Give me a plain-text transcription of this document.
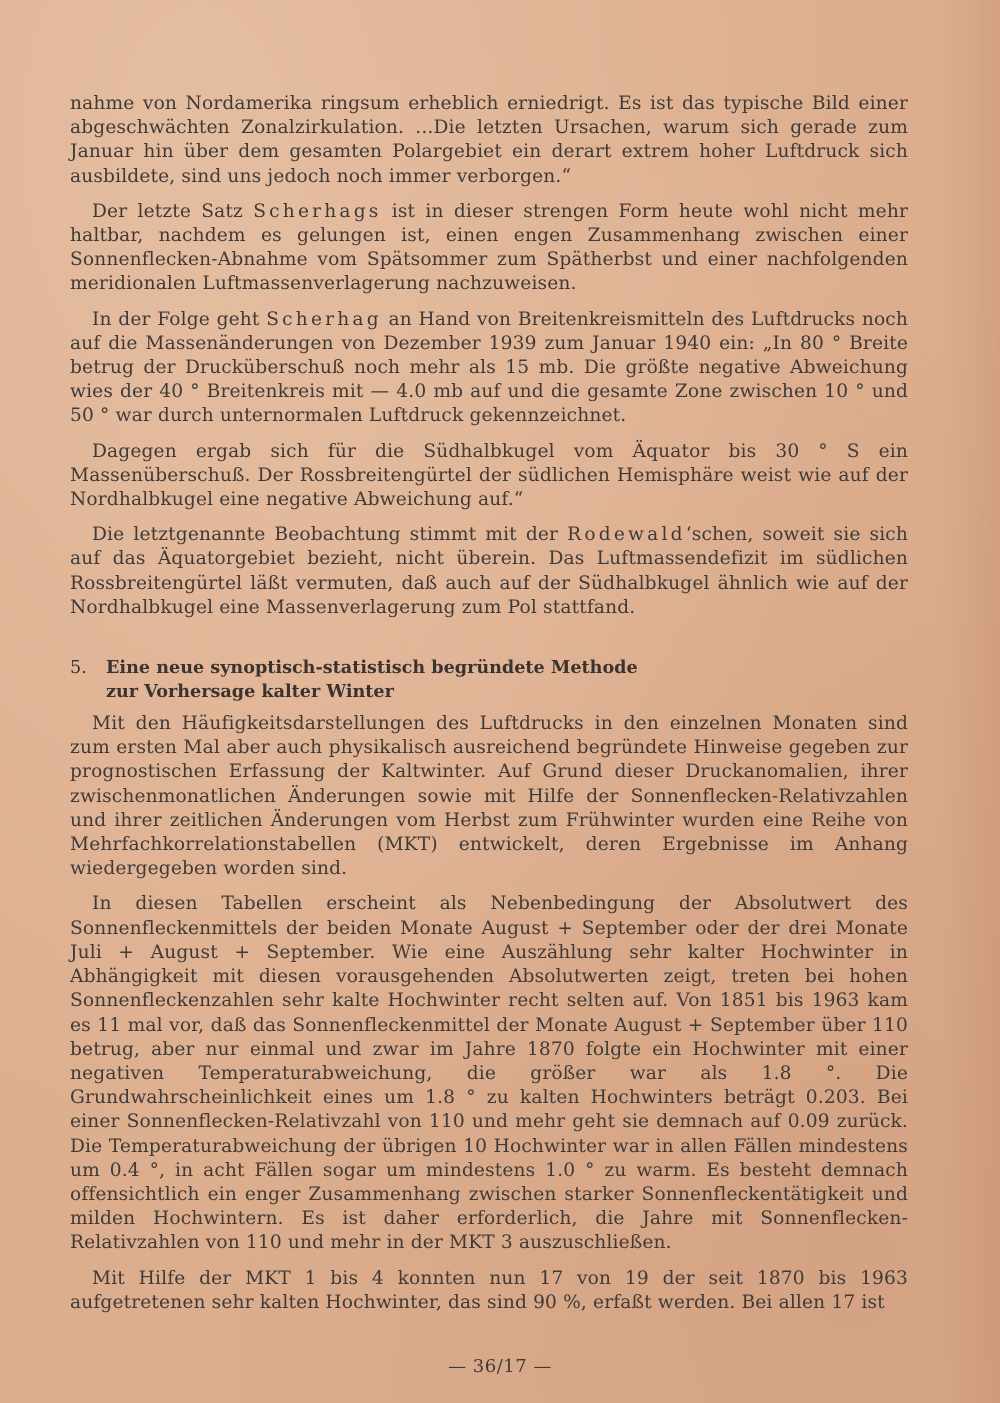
nahme von Nordamerika ringsum erheblich erniedrigt. Es ist das typische Bild einer abgeschwächten Zonalzirkulation. ...Die letzten Ursachen, warum sich gerade zum Januar hin über dem gesamten Polargebiet ein derart extrem hoher Luftdruck sich ausbildete, sind uns jedoch noch immer verborgen.“

Der letzte Satz Scherhags ist in dieser strengen Form heute wohl nicht mehr haltbar, nachdem es gelungen ist, einen engen Zusammenhang zwischen einer Sonnenflecken-Abnahme vom Spätsommer zum Spätherbst und einer nachfolgenden meridionalen Luftmassenverlagerung nachzuweisen.

In der Folge geht Scherhag an Hand von Breitenkreismitteln des Luftdrucks noch auf die Massenänderungen von Dezember 1939 zum Januar 1940 ein: „In 80 ° Breite betrug der Drucküberschuß noch mehr als 15 mb. Die größte negative Abweichung wies der 40 ° Breitenkreis mit — 4.0 mb auf und die gesamte Zone zwischen 10 ° und 50 ° war durch unternormalen Luftdruck gekennzeichnet.

Dagegen ergab sich für die Südhalbkugel vom Äquator bis 30 ° S ein Massenüberschuß. Der Rossbreitengürtel der südlichen Hemisphäre weist wie auf der Nordhalbkugel eine negative Abweichung auf.“

Die letztgenannte Beobachtung stimmt mit der Rodewald‘schen, soweit sie sich auf das Äquatorgebiet bezieht, nicht überein. Das Luftmassendefizit im südlichen Rossbreitengürtel läßt vermuten, daß auch auf der Südhalbkugel ähnlich wie auf der Nordhalbkugel eine Massenverlagerung zum Pol stattfand.

5.	Eine neue synoptisch-statistisch begründete Methode
zur Vorhersage kalter Winter

Mit den Häufigkeitsdarstellungen des Luftdrucks in den einzelnen Monaten sind zum ersten Mal aber auch physikalisch ausreichend begründete Hinweise gegeben zur prognostischen Erfassung der Kaltwinter. Auf Grund dieser Druckanomalien, ihrer zwischenmonatlichen Änderungen sowie mit Hilfe der Sonnenflecken-Relativzahlen und ihrer zeitlichen Änderungen vom Herbst zum Frühwinter wurden eine Reihe von Mehrfachkorrelationstabellen (MKT) entwickelt, deren Ergebnisse im Anhang wiedergegeben worden sind.

In diesen Tabellen erscheint als Nebenbedingung der Absolutwert des Sonnenfleckenmittels der beiden Monate August + September oder der drei Monate Juli + August + September. Wie eine Auszählung sehr kalter Hochwinter in Abhängigkeit mit diesen vorausgehenden Absolutwerten zeigt, treten bei hohen Sonnenfleckenzahlen sehr kalte Hochwinter recht selten auf. Von 1851 bis 1963 kam es 11 mal vor, daß das Sonnenfleckenmittel der Monate August + September über 110 betrug, aber nur einmal und zwar im Jahre 1870 folgte ein Hochwinter mit einer negativen Temperaturabweichung, die größer war als 1.8 °. Die Grundwahrscheinlichkeit eines um 1.8 ° zu kalten Hochwinters beträgt 0.203. Bei einer Sonnenflecken-Relativzahl von 110 und mehr geht sie demnach auf 0.09 zurück. Die Temperaturabweichung der übrigen 10 Hochwinter war in allen Fällen mindestens um 0.4 °, in acht Fällen sogar um mindestens 1.0 ° zu warm. Es besteht demnach offensichtlich ein enger Zusammenhang zwischen starker Sonnenfleckentätigkeit und milden Hochwintern. Es ist daher erforderlich, die Jahre mit Sonnenflecken-Relativzahlen von 110 und mehr in der MKT 3 auszuschließen.

Mit Hilfe der MKT 1 bis 4 konnten nun 17 von 19 der seit 1870 bis 1963 aufgetretenen sehr kalten Hochwinter, das sind 90 %, erfaßt werden. Bei allen 17 ist

— 36/17 —
